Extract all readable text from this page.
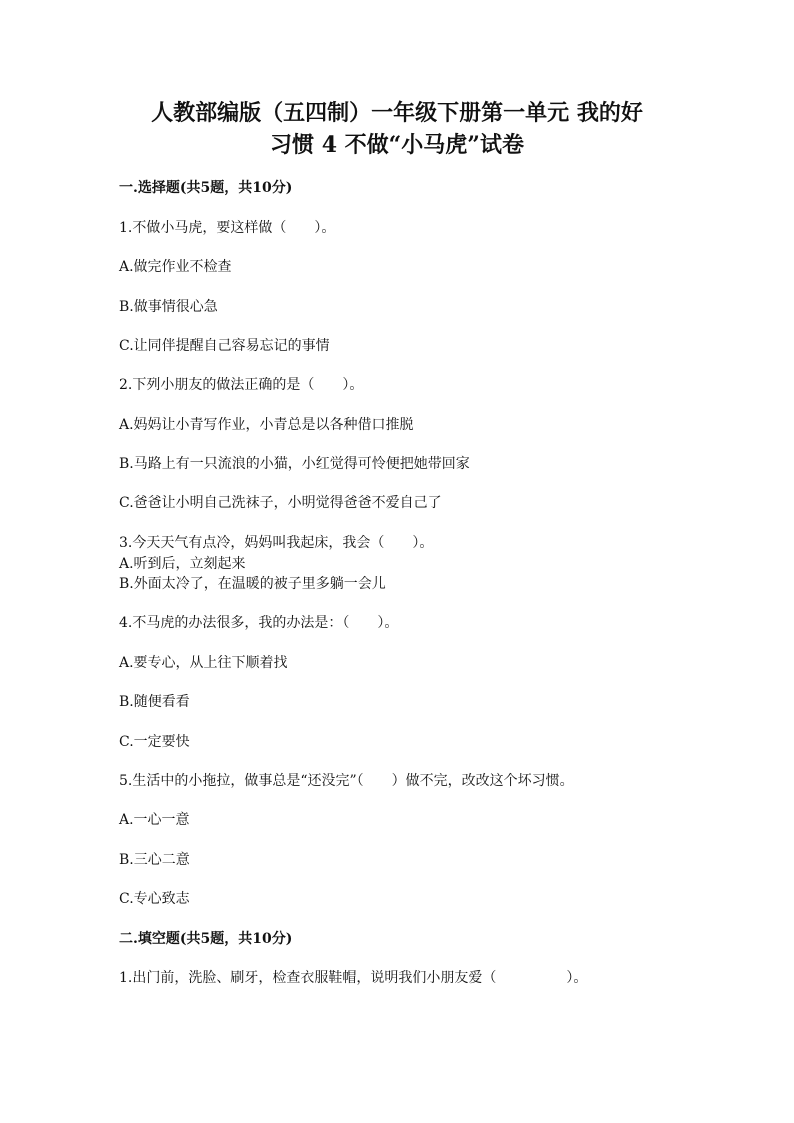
人教部编版（五四制）一年级下册第一单元 我的好
习惯 4 不做“小马虎”试卷
一.选择题(共5题，共10分)
1.不做小马虎，要这样做（　　）。
A.做完作业不检查
B.做事情很心急
C.让同伴提醒自己容易忘记的事情
2.下列小朋友的做法正确的是（　　）。
A.妈妈让小青写作业，小青总是以各种借口推脱
B.马路上有一只流浪的小猫，小红觉得可怜便把她带回家
C.爸爸让小明自己洗袜子，小明觉得爸爸不爱自己了
3.今天天气有点冷，妈妈叫我起床，我会（　　）。
A.听到后，立刻起来
B.外面太冷了，在温暖的被子里多躺一会儿
4.不马虎的办法很多，我的办法是：（　　）。
A.要专心，从上往下顺着找
B.随便看看
C.一定要快
5.生活中的小拖拉，做事总是“还没完”（　　）做不完，改改这个坏习惯。
A.一心一意
B.三心二意
C.专心致志
二.填空题(共5题，共10分)
1.出门前，洗脸、刷牙，检查衣服鞋帽，说明我们小朋友爱（　　　　　）。
